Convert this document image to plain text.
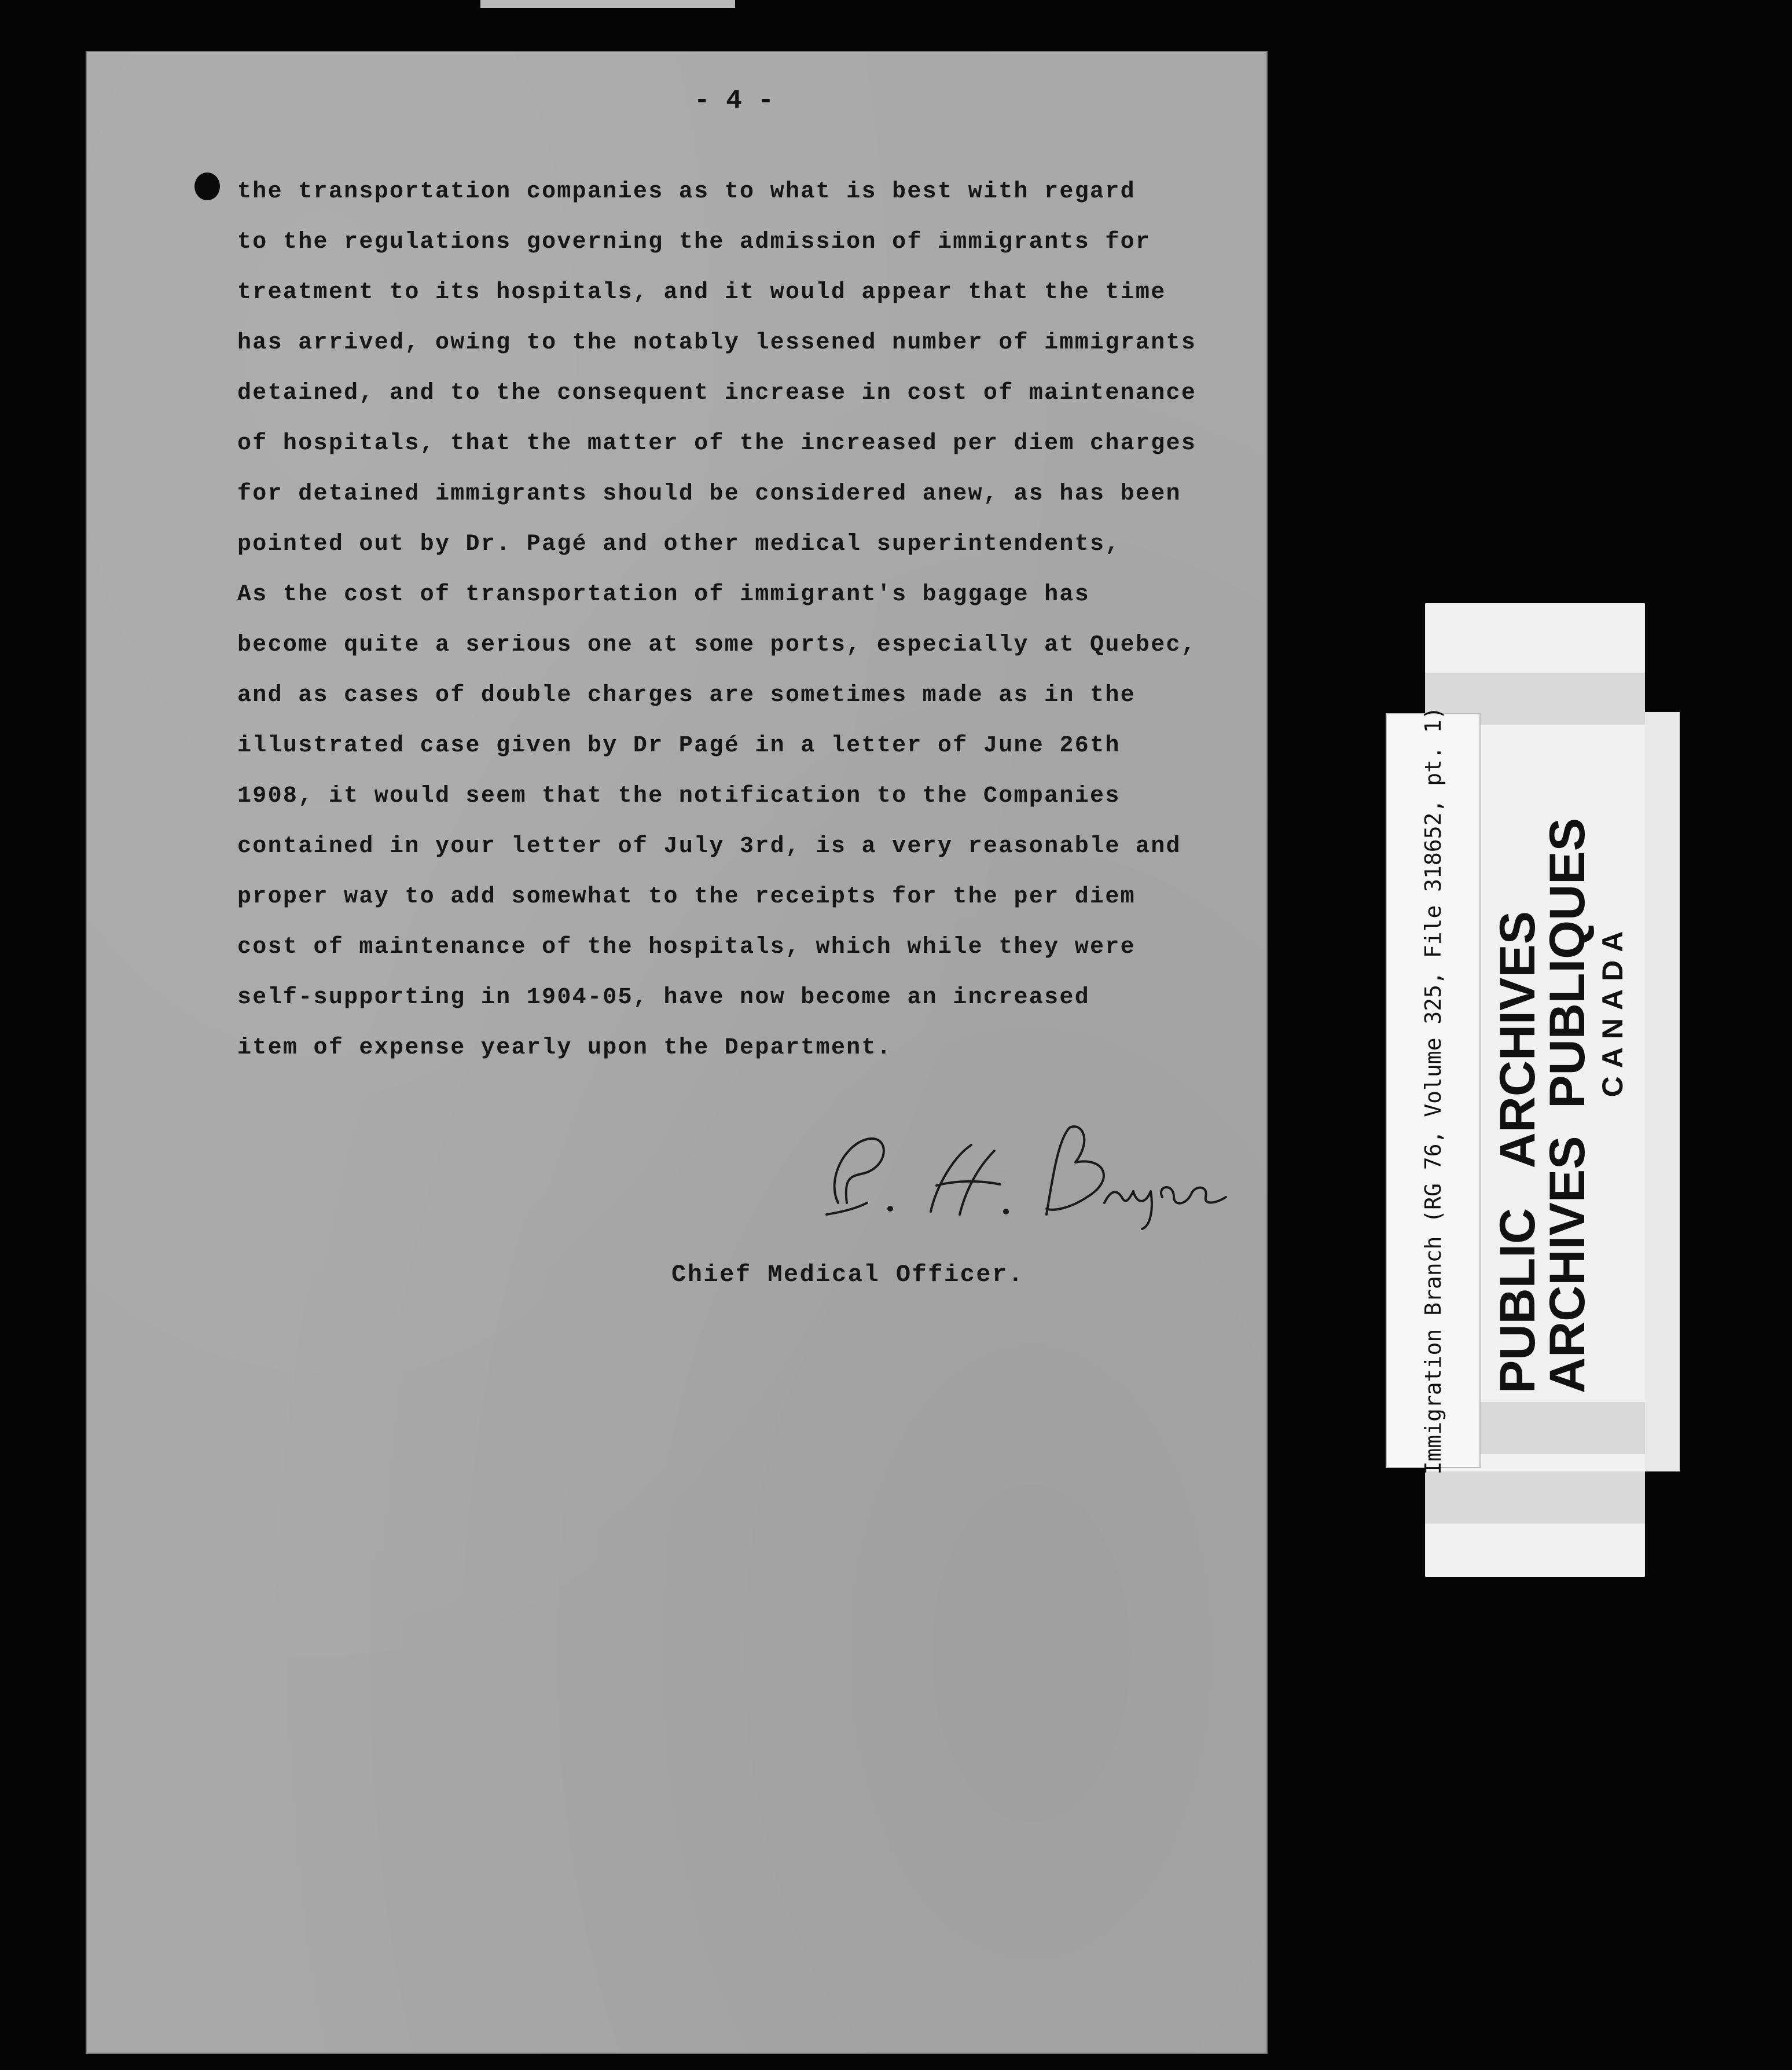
- 4 -
the transportation companies as to what is best with regard
to the regulations governing the admission of immigrants for
treatment to its hospitals, and it would appear that the time
has arrived, owing to the notably lessened number of immigrants
detained, and to the consequent increase in cost of maintenance
of hospitals, that the matter of the increased per diem charges
for detained immigrants should be considered anew, as has been
pointed out by Dr. Pagé and other medical superintendents,
As the cost of transportation of immigrant's baggage has
become quite a serious one at some ports, especially at Quebec,
and as cases of double charges are sometimes made as in the
illustrated case given by Dr Pagé in a letter of June 26th
1908, it would seem that the notification to the Companies
contained in your letter of July 3rd, is a very reasonable and
proper way to add somewhat to the receipts for the per diem
cost of maintenance of the hospitals, which while they were
self-supporting in 1904-05, have now become an increased
item of expense yearly upon the Department.
Chief Medical Officer.	Immigration Branch (RG 76, Volume 325, File 318652, pt. 1) PUBLIC   ARCHIVES
ARCHIVES  PUBLIQUES CANADA
